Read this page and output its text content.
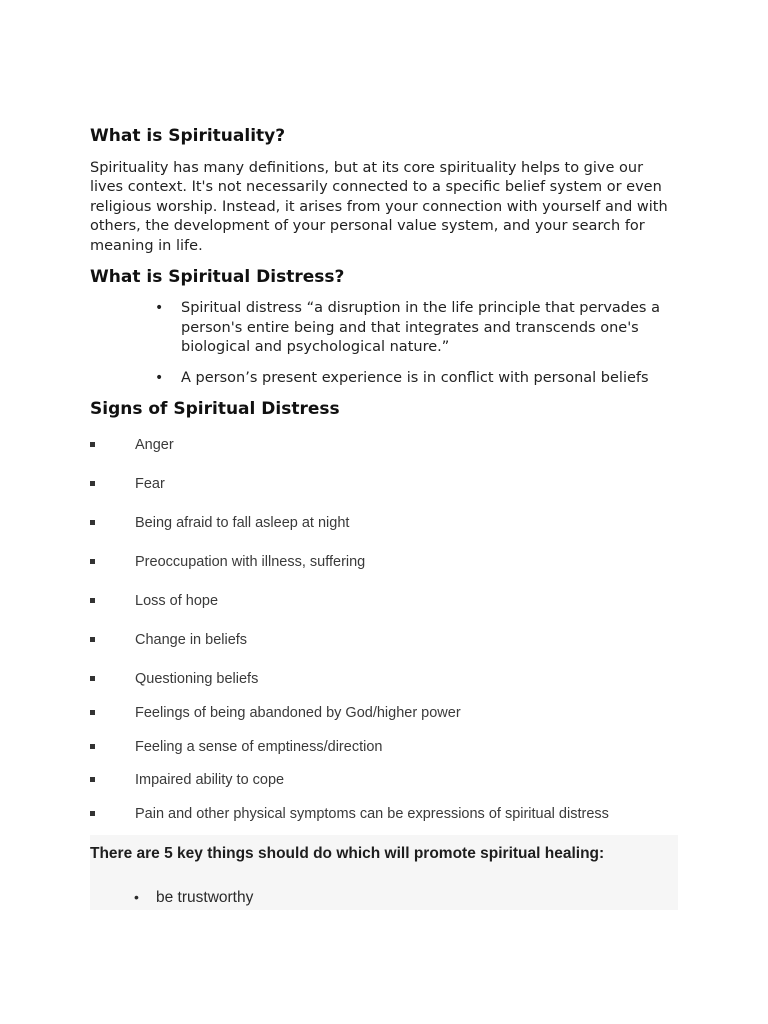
What is Spirituality?

Spirituality has many definitions, but at its core spirituality helps to give our lives context. It's not necessarily connected to a specific belief system or even religious worship. Instead, it arises from your connection with yourself and with others, the development of your personal value system, and your search for meaning in life.

What is Spiritual Distress?
• Spiritual distress “a disruption in the life principle that pervades a person's entire being and that integrates and transcends one's biological and psychological nature.”
• A person’s present experience is in conflict with personal beliefs
Signs of Spiritual Distress
Anger
Fear
Being afraid to fall asleep at night
Preoccupation with illness, suffering
Loss of hope
Change in beliefs
Questioning beliefs
Feelings of being abandoned by God/higher power
Feeling a sense of emptiness/direction
Impaired ability to cope
Pain and other physical symptoms can be expressions of spiritual distress

There are 5 key things should do which will promote spiritual healing:

• be trustworthy
